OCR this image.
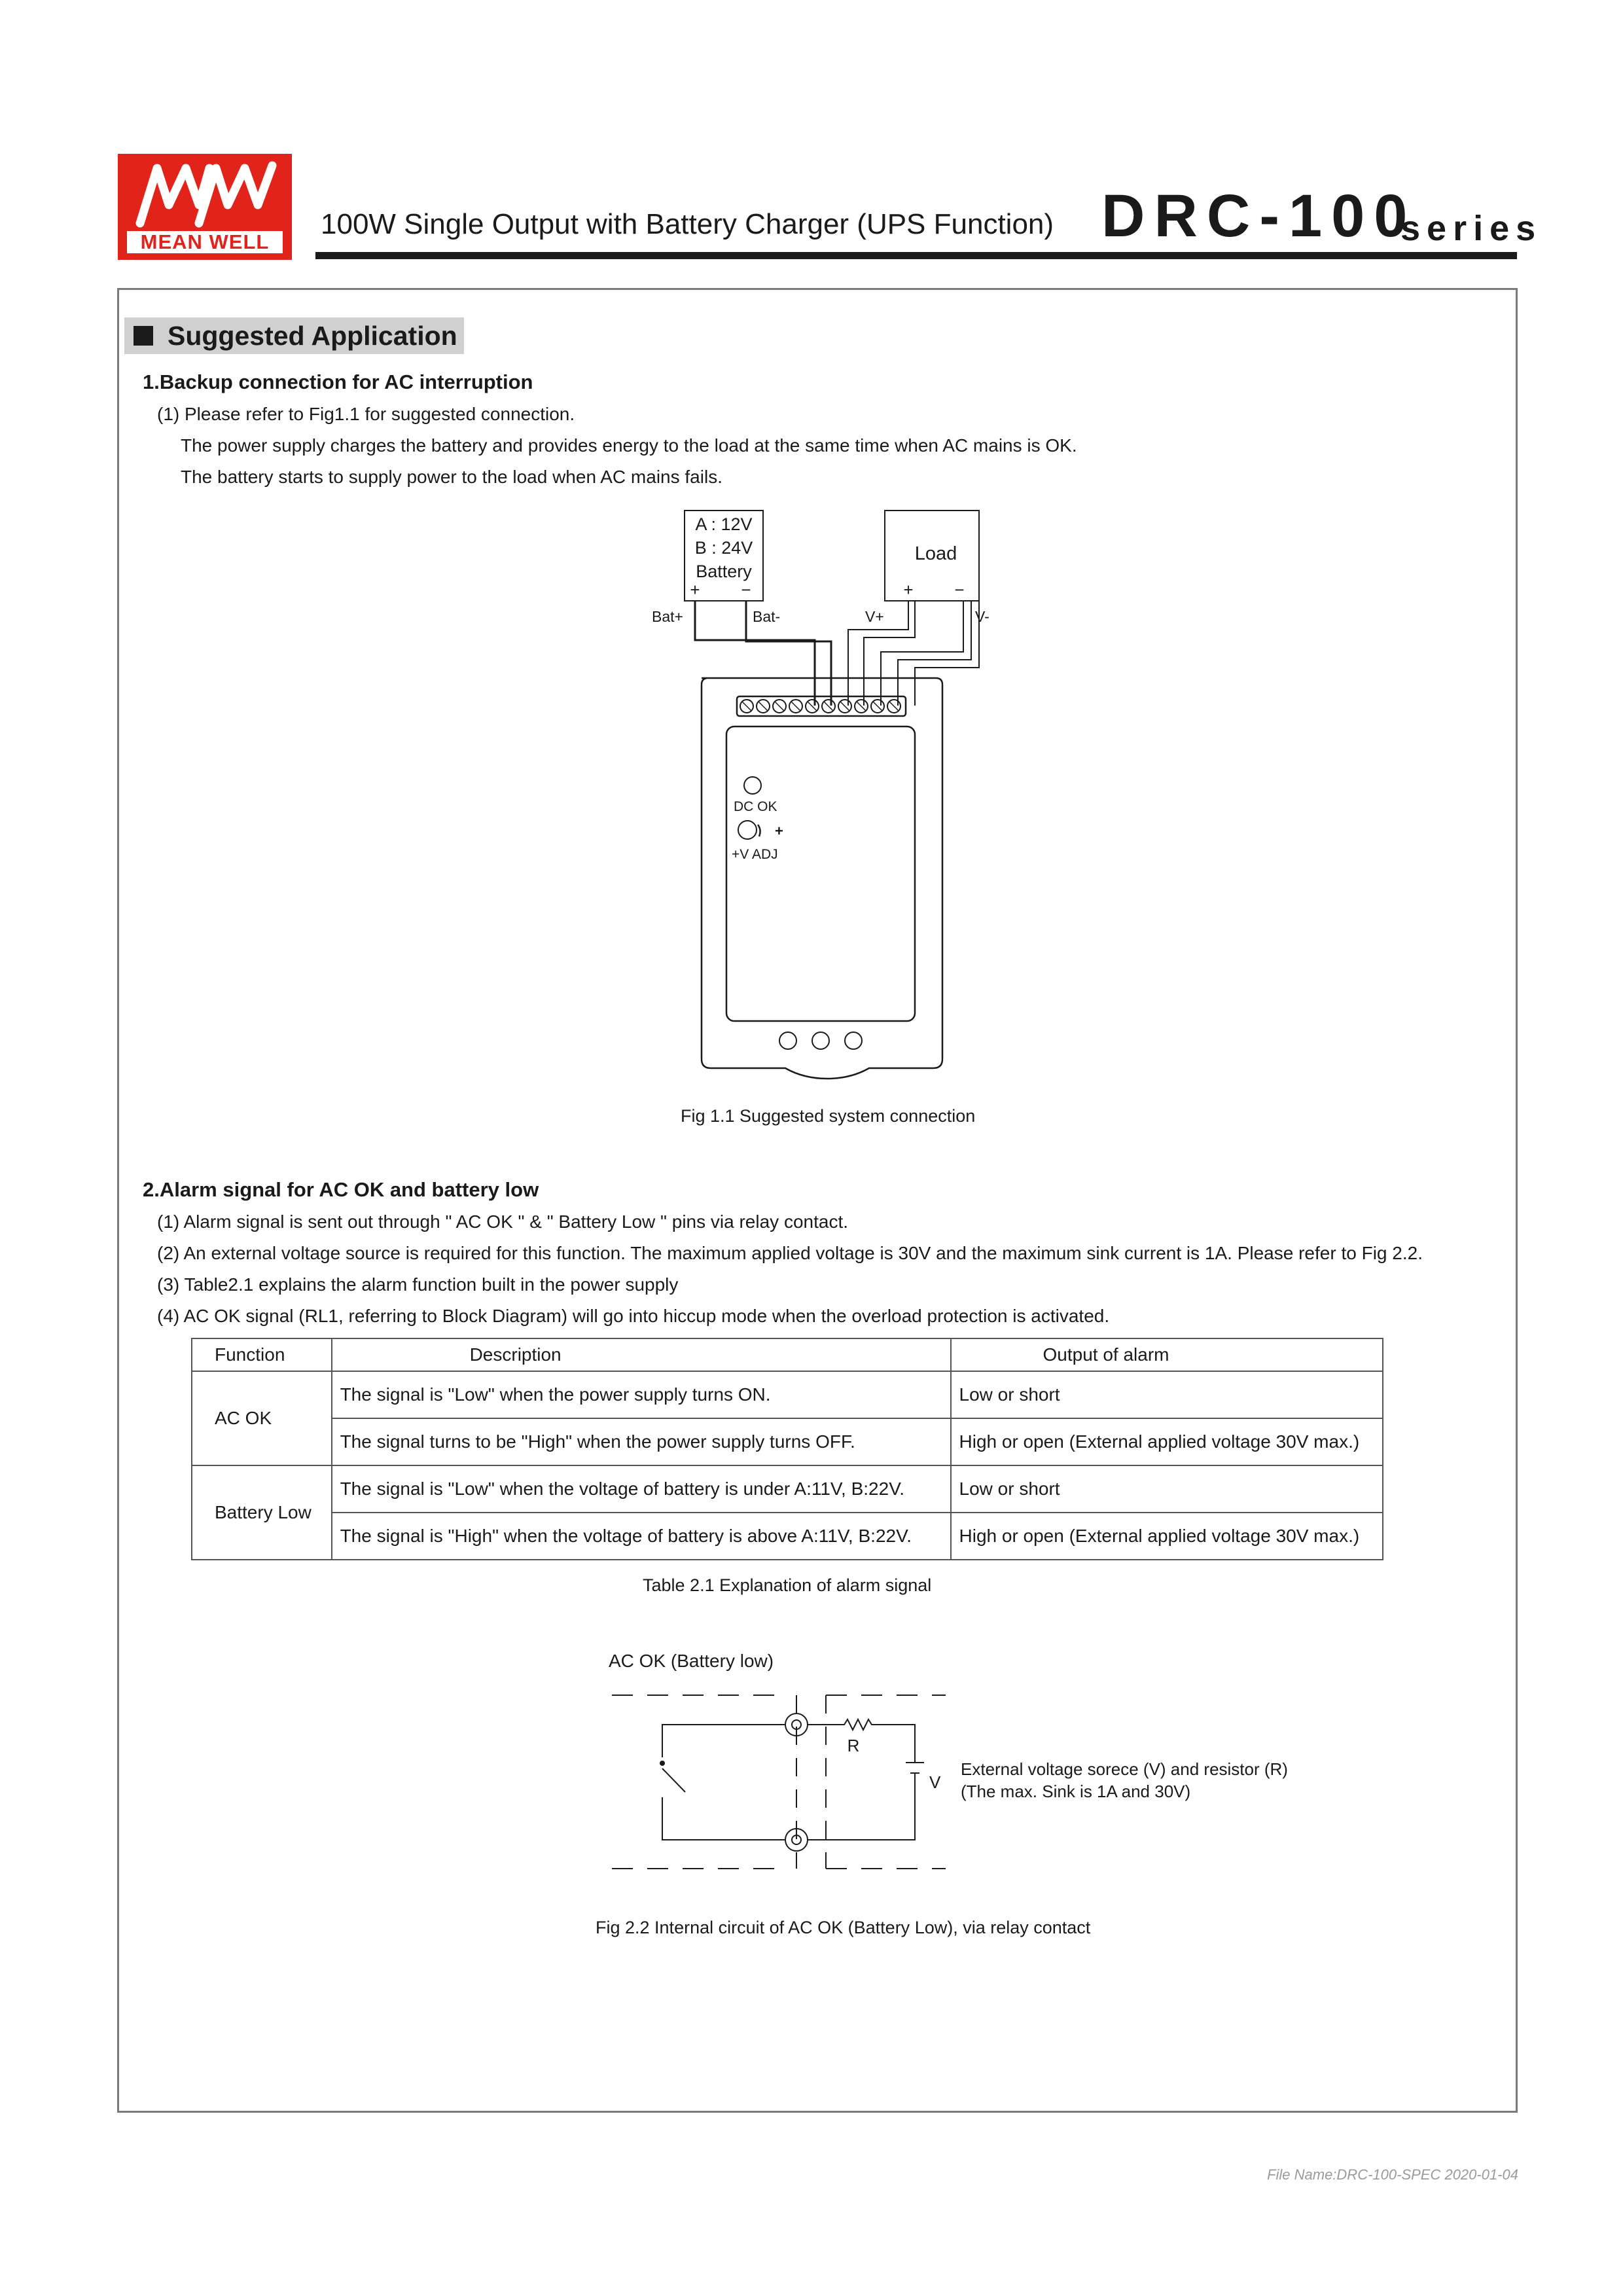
MEAN WELL
100W Single Output with Battery Charger (UPS Function) DRC-100
series
Suggested Application
1.Backup connection for AC interruption
(1) Please refer to Fig1.1 for suggested connection.
The power supply charges the battery and provides energy to the load at the same time when AC mains is OK.
The battery starts to supply power to the load when AC mains fails.
A : 12V
B : 24V
Battery
+ −
Load
+ −
Bat+	Bat-	V+	V-
DC OK
+
+V ADJ
Fig 1.1 Suggested system connection
2.Alarm signal for AC OK and battery low
(1) Alarm signal is sent out through " AC OK " & " Battery Low " pins via relay contact.
(2) An external voltage source is required for this function. The maximum applied voltage is 30V and the maximum sink current is 1A. Please refer to Fig 2.2.
(3) Table2.1 explains the alarm function built in the power supply
(4) AC OK signal (RL1, referring to Block Diagram) will go into hiccup mode when the overload protection is activated.
Function	Description	Output of alarm
AC OK	The signal is "Low" when the power supply turns ON.	Low or short
	The signal turns to be "High" when the power supply turns OFF.	High or open (External applied voltage 30V max.)
Battery Low	The signal is "Low" when the voltage of battery is under A:11V, B:22V.	Low or short
	The signal is "High" when the voltage of battery is above A:11V, B:22V.	High or open (External applied voltage 30V max.)
Table 2.1 Explanation of alarm signal
AC OK (Battery low)
R
V
External voltage sorece (V) and resistor (R)
(The max. Sink is 1A and 30V)
Fig 2.2 Internal circuit of AC OK (Battery Low), via relay contact
File Name:DRC-100-SPEC 2020-01-04
